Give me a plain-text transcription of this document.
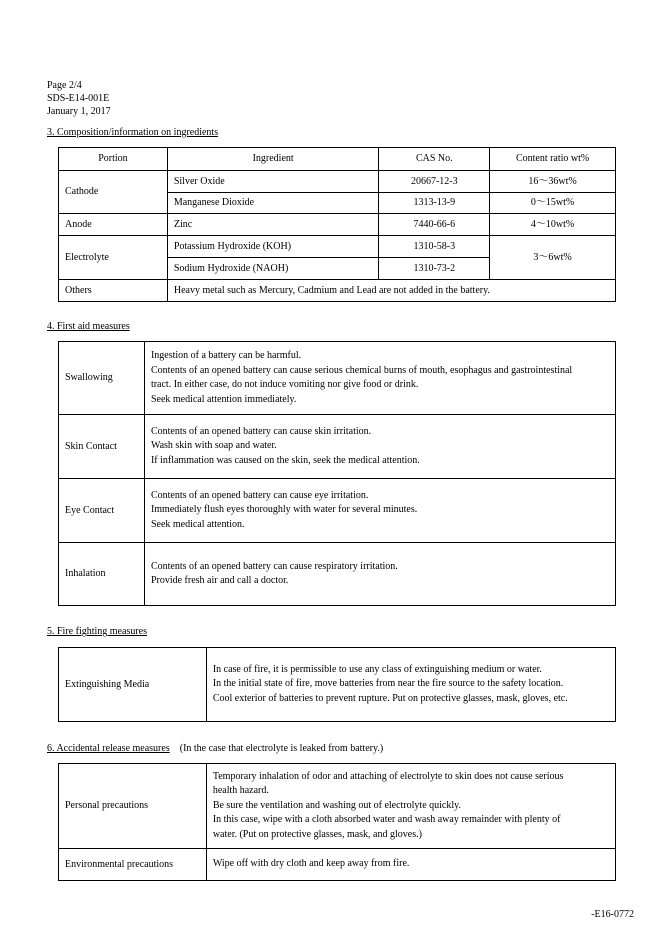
Page 2/4
SDS-E14-001E
January 1, 2017
3. Composition/information on ingredients
Portion	Ingredient	CAS No.	Content ratio wt%
Cathode	Silver Oxide	20667-12-3	16～36wt%
	Manganese Dioxide	1313-13-9	0～15wt%
Anode	Zinc	7440-66-6	4～10wt%
Electrolyte	Potassium Hydroxide (KOH)	1310-58-3	3～6wt%
	Sodium Hydroxide (NAOH)	1310-73-2	
Others	Heavy metal such as Mercury, Cadmium and Lead are not added in the battery.		
4. First aid measures
Swallowing	Ingestion of a battery can be harmful.
Contents of an opened battery can cause serious chemical burns of mouth, esophagus and gastrointestinal
tract. In either case, do not induce vomiting nor give food or drink.
Seek medical attention immediately.

Skin Contact	Contents of an opened battery can cause skin irritation.
Wash skin with soap and water.
If inflammation was caused on the skin, seek the medical attention.

Eye Contact	Contents of an opened battery can cause eye irritation.
Immediately flush eyes thoroughly with water for several minutes.
Seek medical attention.

Inhalation	Contents of an opened battery can cause respiratory irritation.
Provide fresh air and call a doctor.
5. Fire fighting measures
Extinguishing Media	
In case of fire, it is permissible to use any class of extinguishing medium or water.
In the initial state of fire, move batteries from near the fire source to the safety location.
Cool exterior of batteries to prevent rupture. Put on protective glasses, mask, gloves, etc.
6. Accidental release measures (In the case that electrolyte is leaked from battery.)
Personal precautions	Temporary inhalation of odor and attaching of electrolyte to skin does not cause serious
health hazard.
Be sure the ventilation and washing out of electrolyte quickly.
In this case, wipe with a cloth absorbed water and wash away remainder with plenty of
water. (Put on protective glasses, mask, and gloves.)

Environmental precautions	Wipe off with dry cloth and keep away from fire.
-E16-0772
